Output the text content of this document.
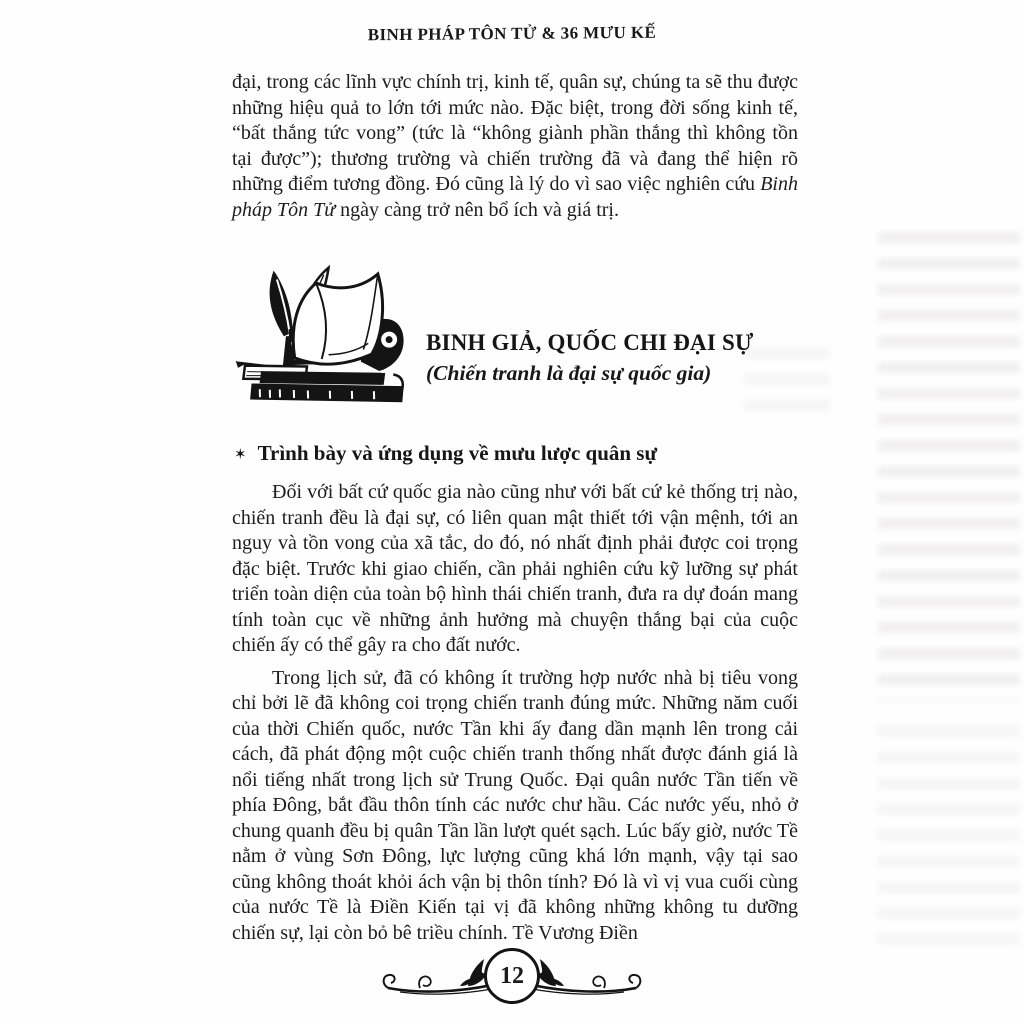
BINH PHÁP TÔN TỬ & 36 MƯU KẾ

đại, trong các lĩnh vực chính trị, kinh tế, quân sự, chúng ta sẽ thu được những hiệu quả to lớn tới mức nào. Đặc biệt, trong đời sống kinh tế, “bất thắng tức vong” (tức là “không giành phần thắng thì không tồn tại được”); thương trường và chiến trường đã và đang thể hiện rõ những điểm tương đồng. Đó cũng là lý do vì sao việc nghiên cứu Binh pháp Tôn Tử ngày càng trở nên bổ ích và giá trị.

BINH GIẢ, QUỐC CHI ĐẠI SỰ
(Chiến tranh là đại sự quốc gia)
✶ Trình bày và ứng dụng về mưu lược quân sự

Đối với bất cứ quốc gia nào cũng như với bất cứ kẻ thống trị nào, chiến tranh đều là đại sự, có liên quan mật thiết tới vận mệnh, tới an nguy và tồn vong của xã tắc, do đó, nó nhất định phải được coi trọng đặc biệt. Trước khi giao chiến, cần phải nghiên cứu kỹ lưỡng sự phát triển toàn diện của toàn bộ hình thái chiến tranh, đưa ra dự đoán mang tính toàn cục về những ảnh hưởng mà chuyện thắng bại của cuộc chiến ấy có thể gây ra cho đất nước.

Trong lịch sử, đã có không ít trường hợp nước nhà bị tiêu vong chỉ bởi lẽ đã không coi trọng chiến tranh đúng mức. Những năm cuối của thời Chiến quốc, nước Tần khi ấy đang dần mạnh lên trong cải cách, đã phát động một cuộc chiến tranh thống nhất được đánh giá là nổi tiếng nhất trong lịch sử Trung Quốc. Đại quân nước Tần tiến về phía Đông, bắt đầu thôn tính các nước chư hầu. Các nước yếu, nhỏ ở chung quanh đều bị quân Tần lần lượt quét sạch. Lúc bấy giờ, nước Tề nằm ở vùng Sơn Đông, lực lượng cũng khá lớn mạnh, vậy tại sao cũng không thoát khỏi ách vận bị thôn tính? Đó là vì vị vua cuối cùng của nước Tề là Điền Kiến tại vị đã không những không tu dưỡng chiến sự, lại còn bỏ bê triều chính. Tề Vương Điền

12
